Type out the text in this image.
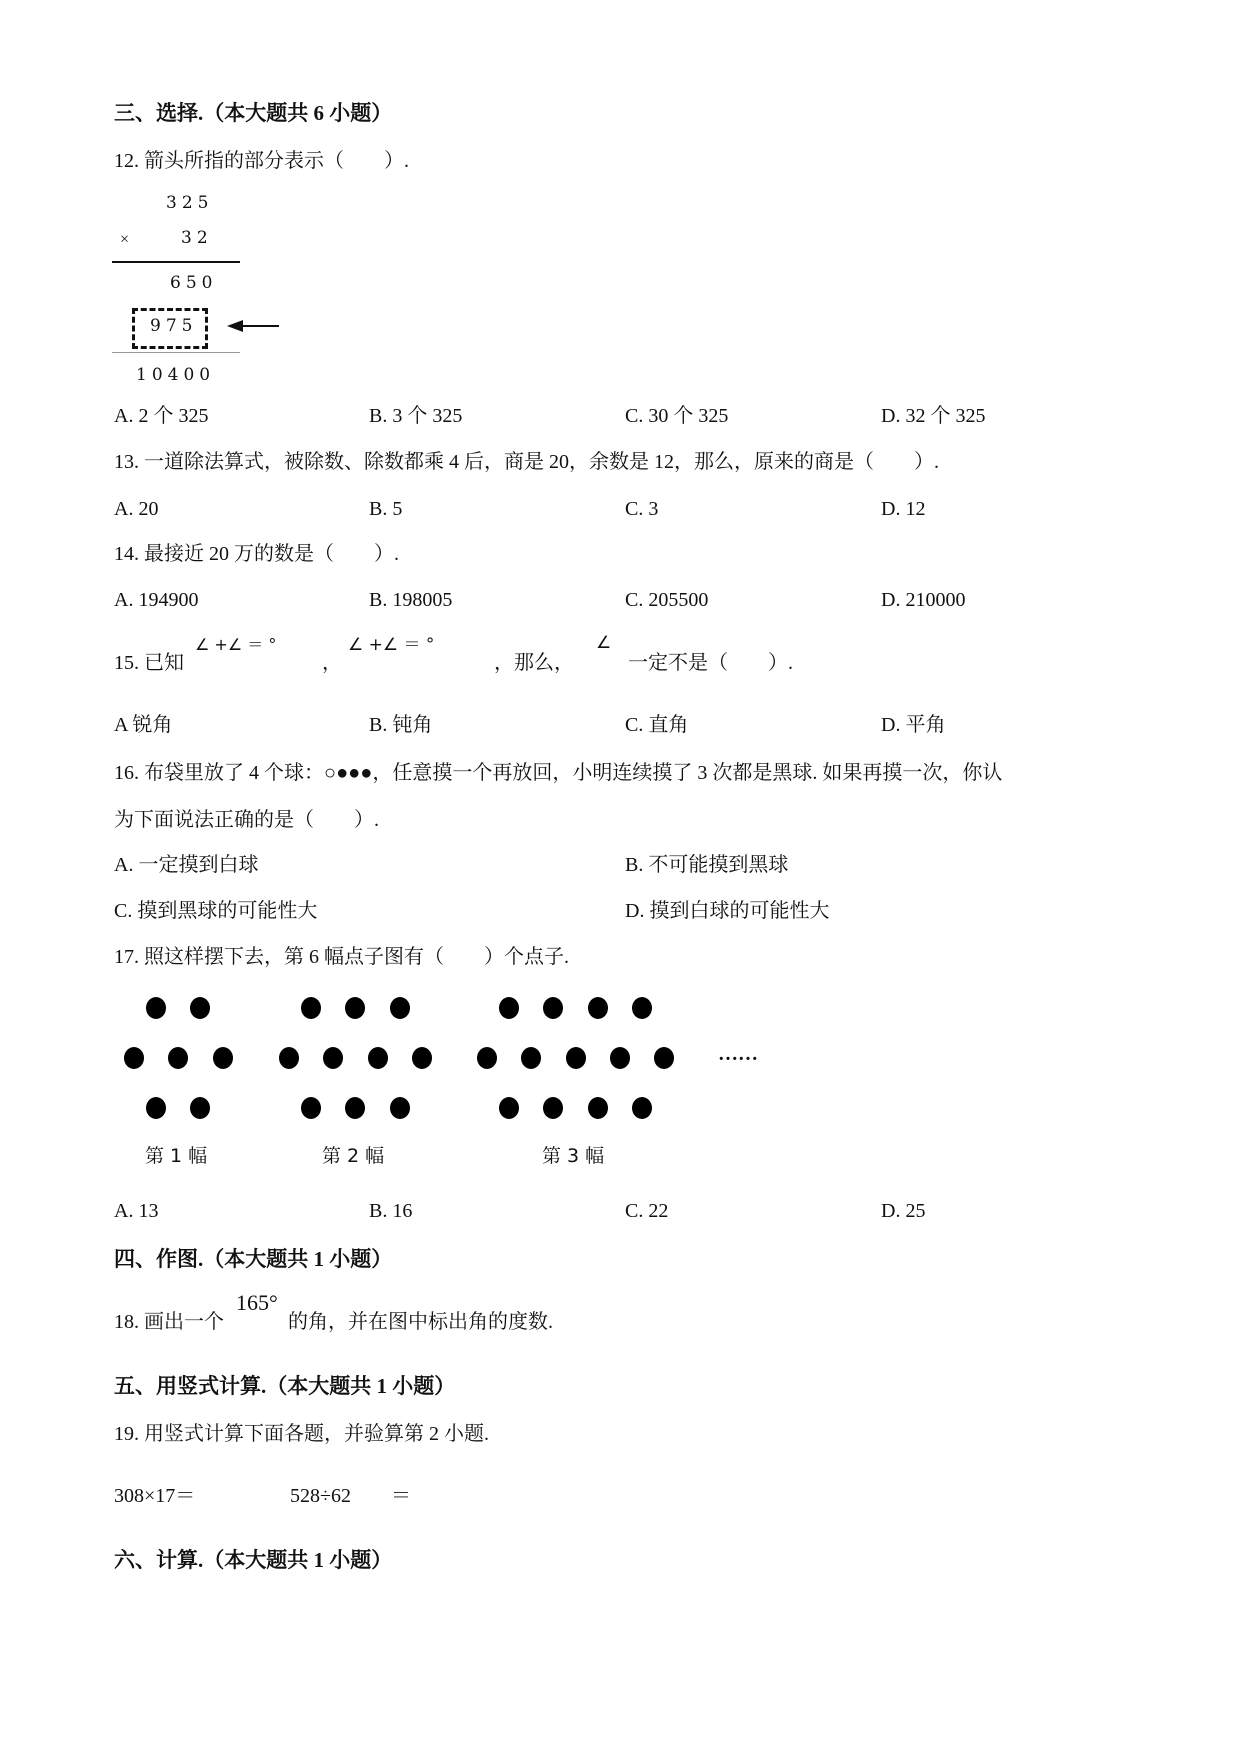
三、选择.（本大题共 6 小题）
12. 箭头所指的部分表示（　　）.
325
×	32
650
975
10400
A. 2 个 325	B. 3 个 325	C. 30 个 325	D. 32 个 325
13. 一道除法算式，被除数、除数都乘 4 后，商是 20，余数是 12，那么，原来的商是（　　）.
A. 20	B. 5	C. 3	D. 12
14. 最接近 20 万的数是（　　）.
A. 194900	B. 198005	C. 205500	D. 210000
15. 已知
∠ +∠ ＝ °
，
∠ +∠ ＝ °
，那么，
∠
一定不是（　　）.
A 锐角	B. 钝角	C. 直角	D. 平角
16. 布袋里放了 4 个球：○●●●，任意摸一个再放回，小明连续摸了 3 次都是黑球. 如果再摸一次，你认
为下面说法正确的是（　　）.
A. 一定摸到白球	B. 不可能摸到黑球
C. 摸到黑球的可能性大	D. 摸到白球的可能性大
17. 照这样摆下去，第 6 幅点子图有（　　）个点子.
第 1 幅	第 2 幅	第 3 幅
……
A. 13	B. 16	C. 22	D. 25
四、作图.（本大题共 1 小题）
18. 画出一个
165°
的角，并在图中标出角的度数.
五、用竖式计算.（本大题共 1 小题）
19. 用竖式计算下面各题，并验算第 2 小题.
308×17＝	528÷62　　＝
六、计算.（本大题共 1 小题）
